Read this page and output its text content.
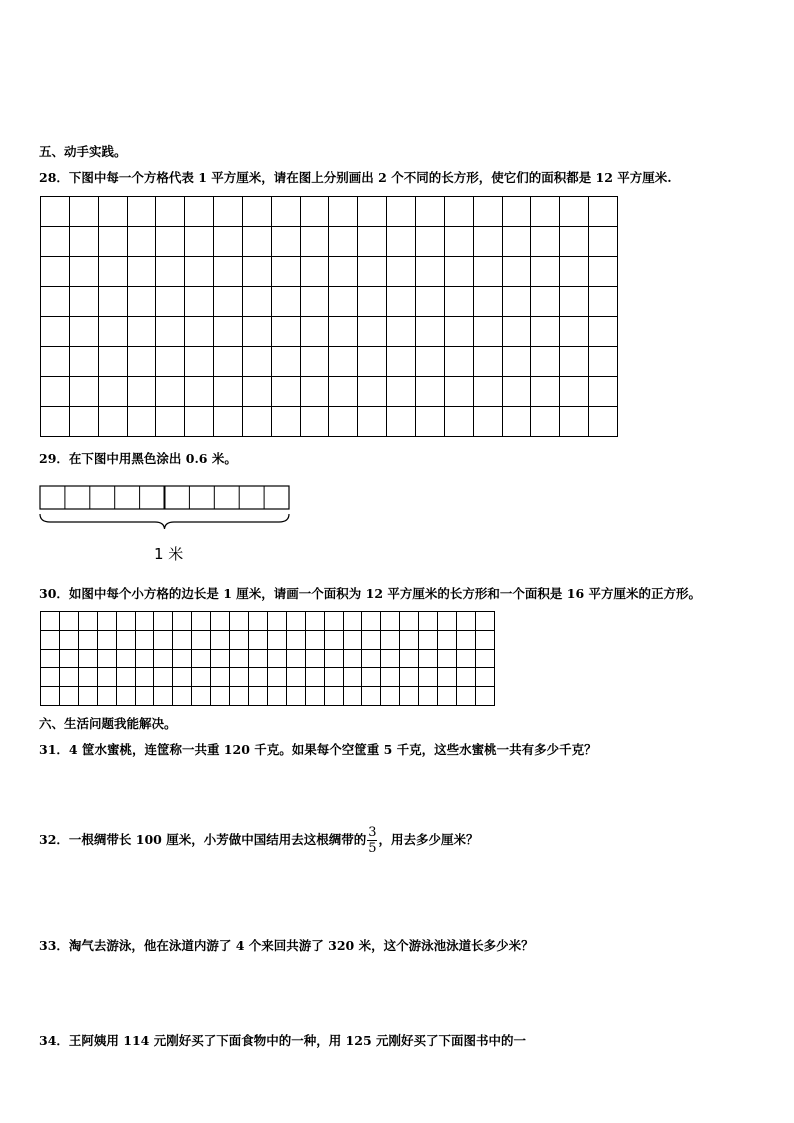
五、动手实践。
28．下图中每一个方格代表 1 平方厘米，请在图上分别画出 2 个不同的长方形，使它们的面积都是 12 平方厘米.

29．在下图中用黑色涂出 0.6 米。
1 米
30．如图中每个小方格的边长是 1 厘米，请画一个面积为 12 平方厘米的长方形和一个面积是 16 平方厘米的正方形。

六、生活问题我能解决。
31．4 筐水蜜桃，连筐称一共重 120 千克。如果每个空筐重 5 千克，这些水蜜桃一共有多少千克？
32．一根绸带长 100 厘米，小芳做中国结用去这根绸带的 $\frac{3}{5}$ ，用去多少厘米？
33．淘气去游泳，他在泳道内游了 4 个来回共游了 320 米，这个游泳池泳道长多少米？
34．王阿姨用 114 元刚好买了下面食物中的一种，用 125 元刚好买了下面图书中的一
